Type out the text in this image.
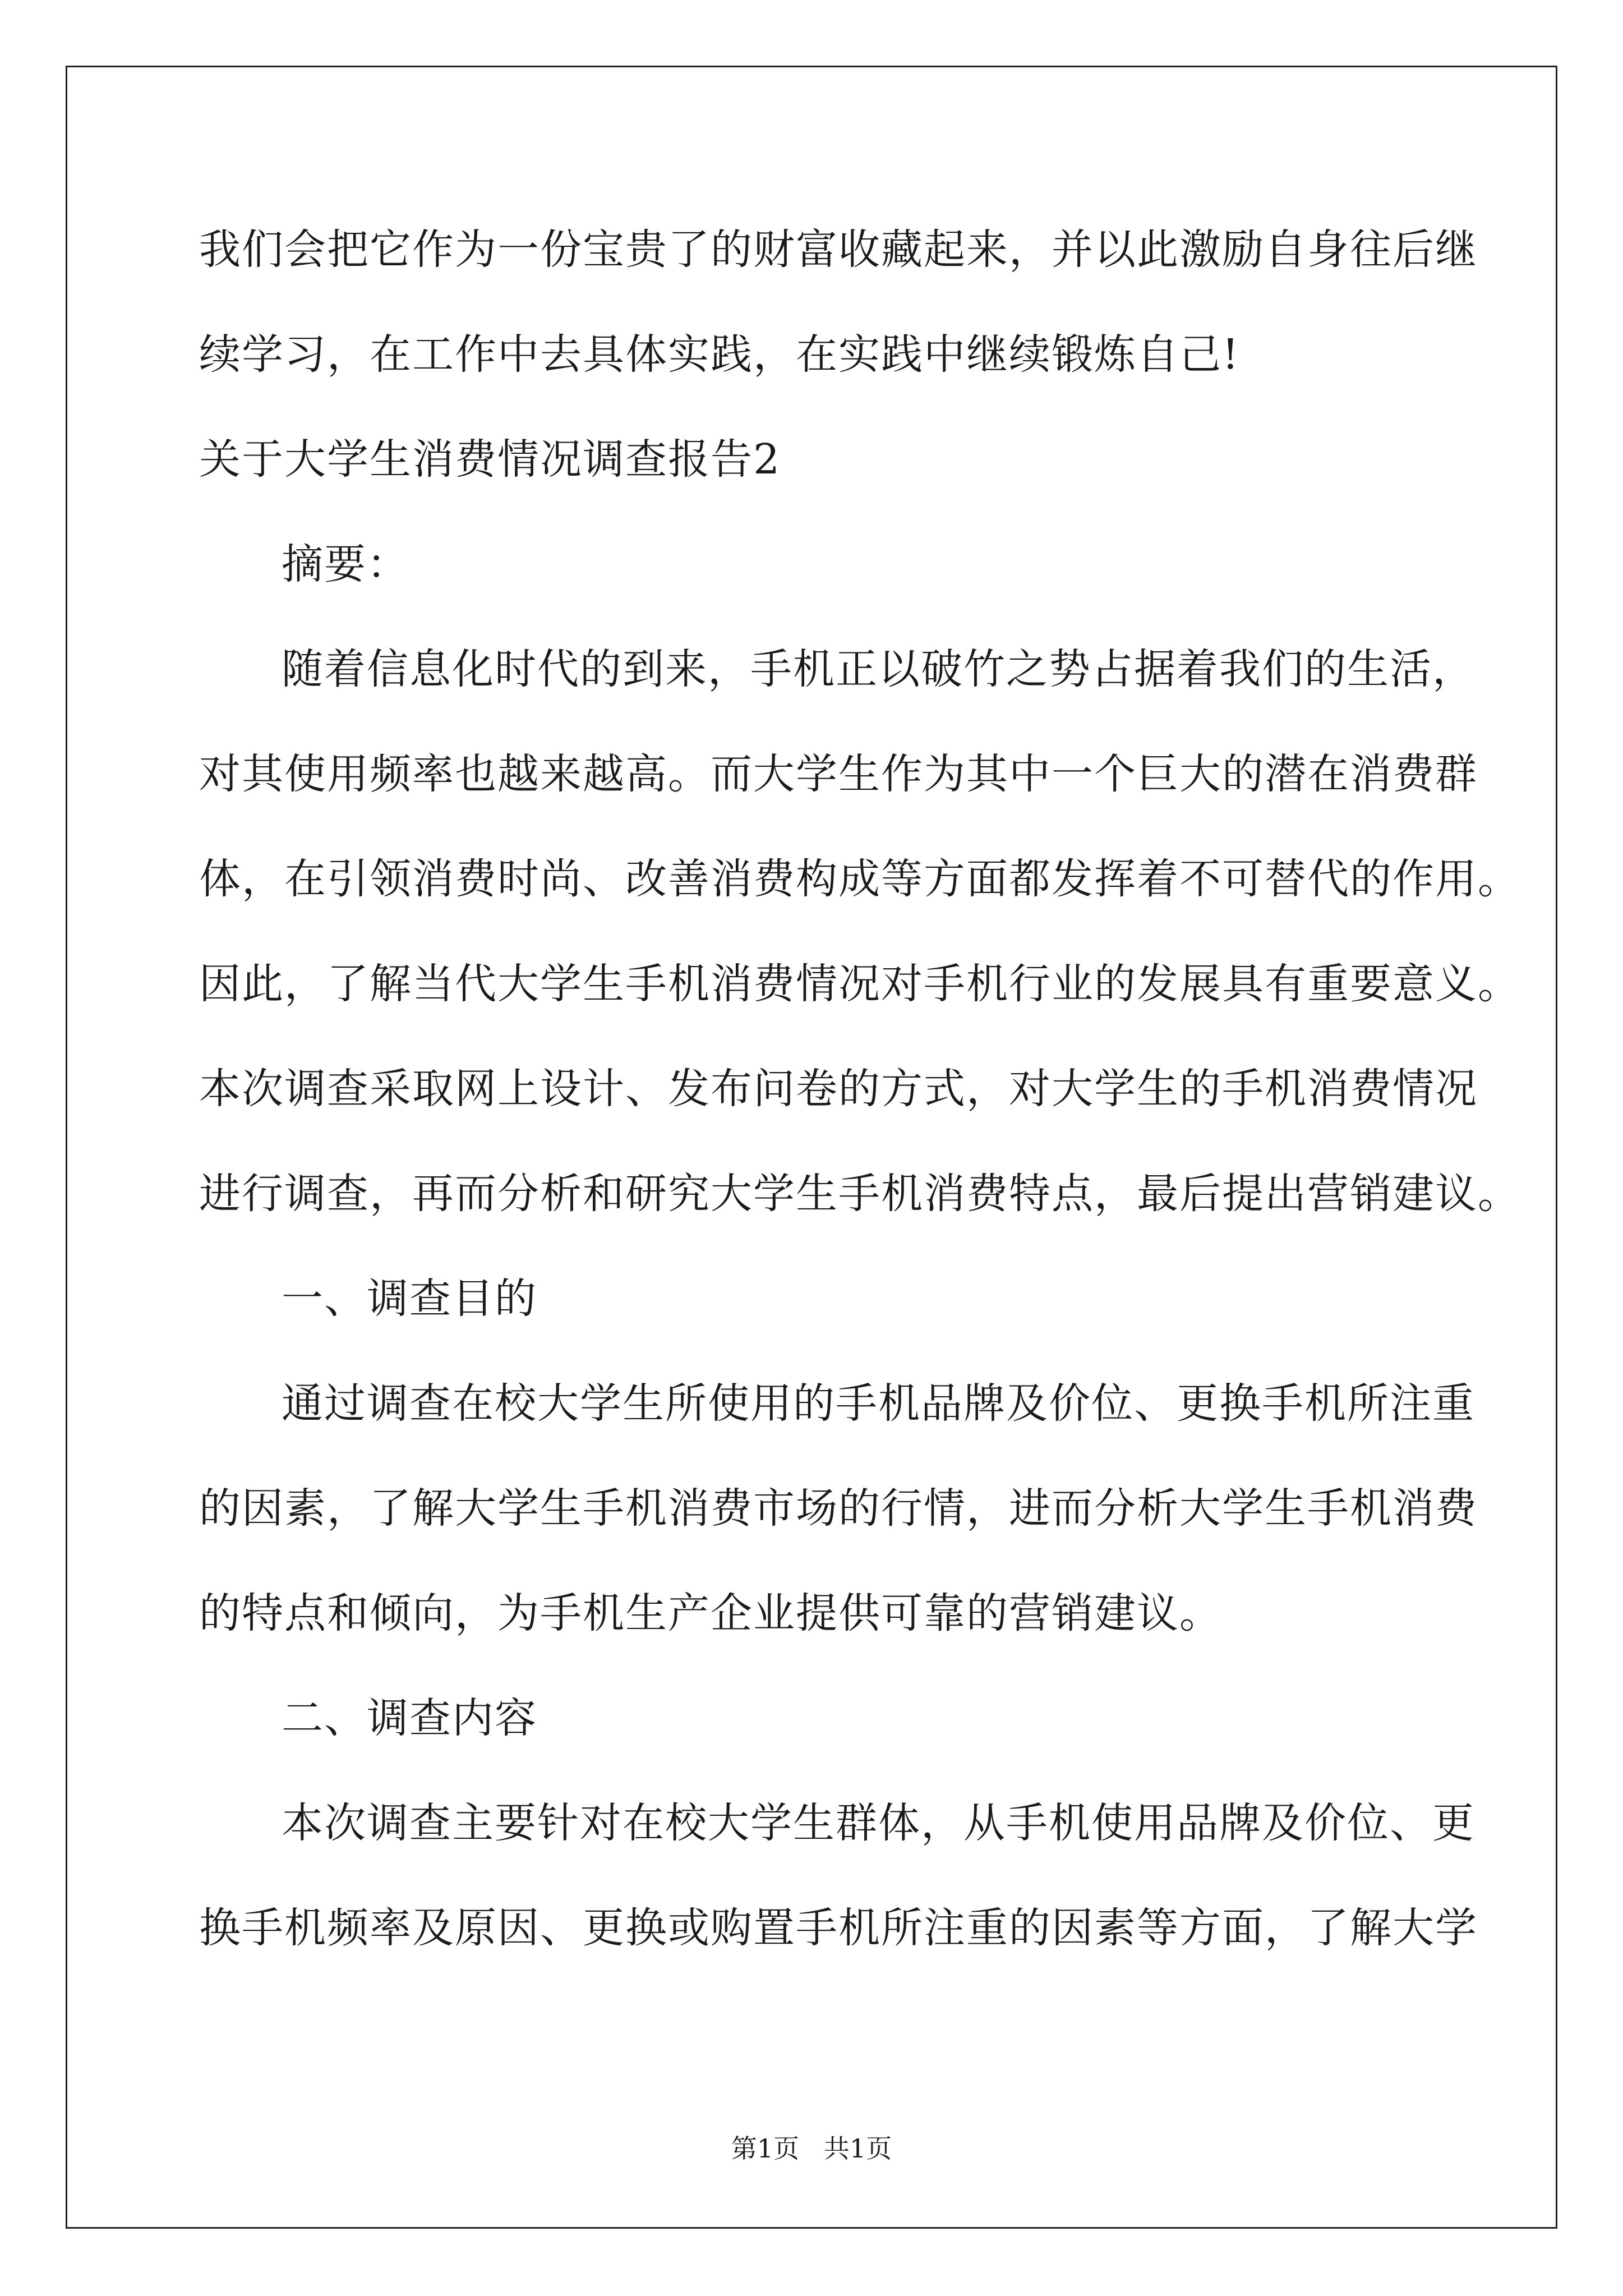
我们会把它作为一份宝贵了的财富收藏起来，并以此激励自身往后继
续学习，在工作中去具体实践，在实践中继续锻炼自己!
关于大学生消费情况调查报告2
摘要：
随着信息化时代的到来，手机正以破竹之势占据着我们的生活，
对其使用频率也越来越高。而大学生作为其中一个巨大的潜在消费群
体，在引领消费时尚、改善消费构成等方面都发挥着不可替代的作用。
因此，了解当代大学生手机消费情况对手机行业的发展具有重要意义。
本次调查采取网上设计、发布问卷的方式，对大学生的手机消费情况
进行调查，再而分析和研究大学生手机消费特点，最后提出营销建议。
一、调查目的
通过调查在校大学生所使用的手机品牌及价位、更换手机所注重
的因素，了解大学生手机消费市场的行情，进而分析大学生手机消费
的特点和倾向，为手机生产企业提供可靠的营销建议。
二、调查内容
本次调查主要针对在校大学生群体，从手机使用品牌及价位、更
换手机频率及原因、更换或购置手机所注重的因素等方面，了解大学
第1页   共1页
